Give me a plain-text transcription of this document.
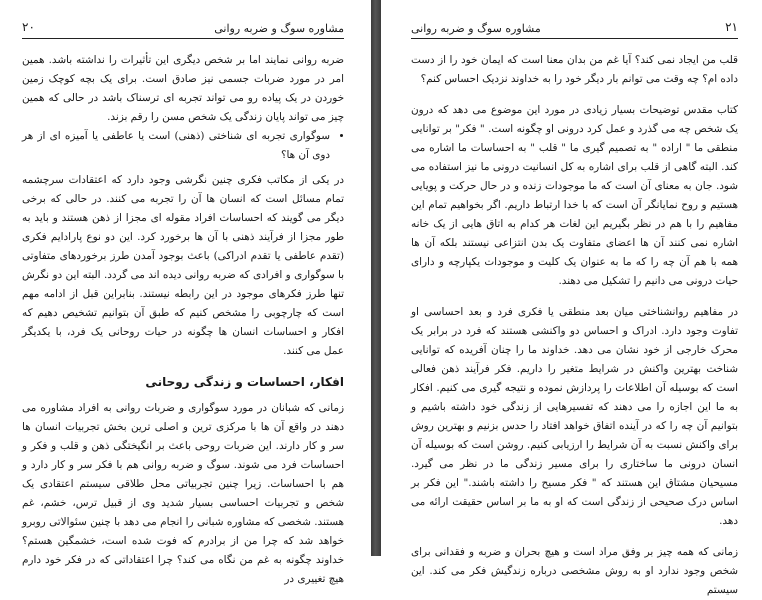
مشاوره سوگ و ضربه روانی
۲۰

ضربه روانی نمایند اما بر شخص دیگری این تأثیرات را نداشته باشد. همین امر در مورد ضربات جسمی نیز صادق است. برای یک بچه کوچک زمین خوردن در یک پیاده رو می تواند تجربه ای ترسناک باشد در حالی که همین چیز می تواند پایان زندگی یک شخص مسن را رقم بزند.

• سوگواری تجربه ای شناختی (ذهنی) است یا عاطفی یا آمیزه ای از هر دوی آن ها؟

در یکی از مکاتب فکری چنین نگرشی وجود دارد که اعتقادات سرچشمه تمام مسائل است که انسان ها آن را تجربه می کنند. در حالی که برخی دیگر می گویند که احساسات افراد مقوله ای مجزا از ذهن هستند و باید به طور مجزا از فرآیند ذهنی با آن ها برخورد کرد. این دو نوع پارادایم فکری (تقدم عاطفی یا تقدم ادراکی) باعث بوجود آمدن طرز برخوردهای متفاوتی با سوگواری و افرادی که ضربه روانی دیده اند می گردد. البته این دو نگرش تنها طرز فکرهای موجود در این رابطه نیستند. بنابراین قبل از ادامه مهم است که چارچوبی را مشخص کنیم که طبق آن بتوانیم تشخیص دهیم که افکار و احساسات انسان ها چگونه در حیات روحانی یک فرد، با یکدیگر عمل می کنند.

افکار، احساسات و زندگی روحانی

زمانی که شبانان در مورد سوگواری و ضربات روانی به افراد مشاوره می دهند در واقع آن ها با مرکزی ترین و اصلی ترین بخش تجربیات انسان ها سر و کار دارند. این ضربات روحی باعث بر انگیختگی ذهن و قلب و فکر و احساسات فرد می شوند. سوگ و ضربه روانی هم با فکر سر و کار دارد و هم با احساسات. زیرا چنین تجربیاتی محل طلاقی سیستم اعتقادی یک شخص و تجربیات احساسی بسیار شدید وی از قبیل ترس، خشم، غم هستند. شخصی که مشاوره شبانی را انجام می دهد با چنین سئوالاتی روبرو خواهد شد که چرا من از برادرم که فوت شده است، خشمگین هستم؟ خداوند چگونه به غم من نگاه می کند؟ چرا اعتقاداتی که در فکر خود دارم هیچ تغییری در

مشاوره سوگ و ضربه روانی	۲۱

قلب من ایجاد نمی کند؟ آیا غم من بدان معنا است که ایمان خود را از دست داده ام؟ چه وقت می توانم بار دیگر خود را به خداوند نزدیک احساس کنم؟

کتاب مقدس توضیحات بسیار زیادی در مورد این موضوع می دهد که درون یک شخص چه می گذرد و عمل کرد درونی او چگونه است. " فکر" بر توانایی منطقی ما " اراده " به تصمیم گیری ما " قلب " به احساسات ما اشاره می کند. البته گاهی از قلب برای اشاره به کل انسانیت درونی ما نیز استفاده می شود. جان به معنای آن است که ما موجودات زنده و در حال حرکت و پویایی هستیم و روح نمایانگر آن است که با خدا ارتباط داریم. اگر بخواهیم تمام این مفاهیم را با هم در نظر بگیریم این لغات هر کدام به اتاق هایی از یک خانه اشاره نمی کنند آن ها اعضای متفاوت یک بدن انتزاعی نیستند بلکه آن ها همه با هم آن چه را که ما به عنوان یک کلیت و موجودات یکپارچه و دارای حیات درونی می دانیم را تشکیل می دهند.

در مفاهیم روانشناختی میان بعد منطقی یا فکری فرد و بعد احساسی او تفاوت وجود دارد. ادراک و احساس دو واکنشی هستند که فرد در برابر یک محرک خارجی از خود نشان می دهد. خداوند ما را چنان آفریده که توانایی شناخت بهترین واکنش در شرایط متغیر را داریم. فکر فرآیند ذهن فعالی است که بوسیله آن اطلاعات را پردازش نموده و نتیجه گیری می کنیم. افکار به ما این اجازه را می دهند که تفسیرهایی از زندگی خود داشته باشیم و بتوانیم آن چه را که در آینده اتفاق خواهد افتاد را حدس بزنیم و بهترین روش برای واکنش نسبت به آن شرایط را ارزیابی کنیم. روشن است که بوسیله آن انسان درونی ما ساختاری را برای مسیر زندگی ما در نظر می گیرد. مسیحیان مشتاق این هستند که " فکر مسیح را داشته باشند." این فکر بر اساس درک صحیحی از زندگی است که او به ما بر اساس حقیقت ارائه می دهد.

زمانی که همه چیز بر وفق مراد است و هیچ بحران و ضربه و فقدانی برای شخص وجود ندارد او به روش مشخصی درباره زندگیش فکر می کند. این سیستم
